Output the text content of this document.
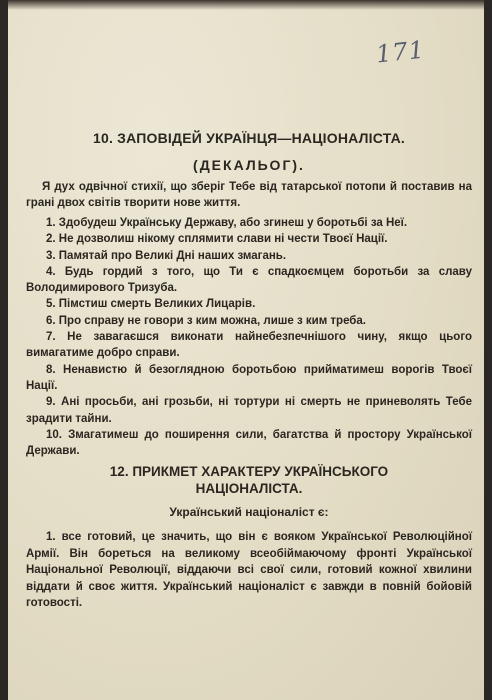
171

10. ЗАПОВІДЕЙ УКРАЇНЦЯ—НАЦІОНАЛІСТА.

(ДЕКАЛЬОГ).

Я дух одвічної стихії, що зберіг Тебе від татарської потопи й поставив на грані двох світів творити нове життя.

1. Здобудеш Українську Державу, або згинеш у боротьбі за Неї.
2. Не дозволиш нікому сплямити слави ні чести Твоєї Нації.
3. Памятай про Великі Дні наших змагань.
4. Будь гордий з того, що Ти є спадкоємцем боротьби за славу Володимирового Тризуба.
5. Пімстиш смерть Великих Лицарів.
6. Про справу не говори з ким можна, лише з ким треба.
7. Не завагаєшся виконати найнебезпечнішого чину, якщо цього вимагатиме добро справи.
8. Ненавистю й безоглядною боротьбою прийматимеш ворогів Твоєї Нації.
9. Ані просьби, ані грозьби, ні тортури ні смерть не приневолять Тебе зрадити тайни.
10. Змагатимеш до поширення сили, багатства й простору Української Держави.

12. ПРИКМЕТ ХАРАКТЕРУ УКРАЇНСЬКОГО НАЦІОНАЛІСТА.

Український націоналіст є:

1. все готовий, це значить, що він є вояком Української Революційної Армії. Він бореться на великому всеобіймаючому фронті Української Національної Революції, віддаючи всі свої сили, готовий кожної хвилини віддати й своє життя. Український націоналіст є завжди в повній бойовій готовості.
